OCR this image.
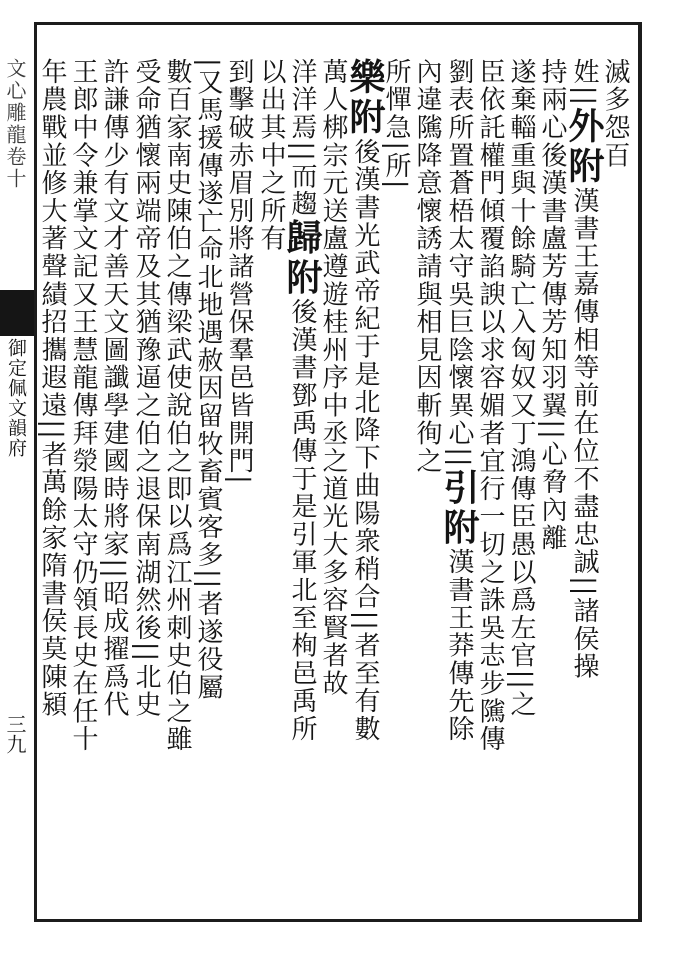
文心雕龍卷十
御定佩文韻府
三九
滅多怨百
姓||外附漢書王嘉傳相等前在位不盡忠誠||諸侯操
持兩心後漢書盧芳傳芳知羽翼||心脅內離
遂棄輜重與十餘騎亡入匈奴又丁鴻傳臣愚以爲左官||之
臣依託權門傾覆諂諛以求容媚者宜行一切之誅吳志步隲傳
劉表所置蒼梧太守吳巨陰懷異心||引附漢書王莽傳先除
內違隲降意懷誘請與相見因斬徇之
所憚急|所|
樂附後漢書光武帝紀于是北降下曲陽衆稍合||者至有數
萬人梆宗元送盧遵遊桂州序中丞之道光大多容賢者故
洋洋焉||而趨歸附後漢書鄧禹傳于是引軍北至栒邑禹所
以出其中之所有
到擊破赤眉別將諸營保羣邑皆開門|
|又馬援傳遂亡命北地遇赦因留牧畜賓客多||者遂役屬
數百家南史陳伯之傳梁武使說伯之即以爲江州刺史伯之雖
受命猶懷兩端帝及其猶豫逼之伯之退保南湖然後||北史
許謙傳少有文才善天文圖讖學建國時將家||昭成擢爲代
王郎中令兼掌文記又王慧龍傳拜滎陽太守仍領長史在任十
年農戰並修大著聲績招攜遐遠||者萬餘家隋書侯莫陳潁
